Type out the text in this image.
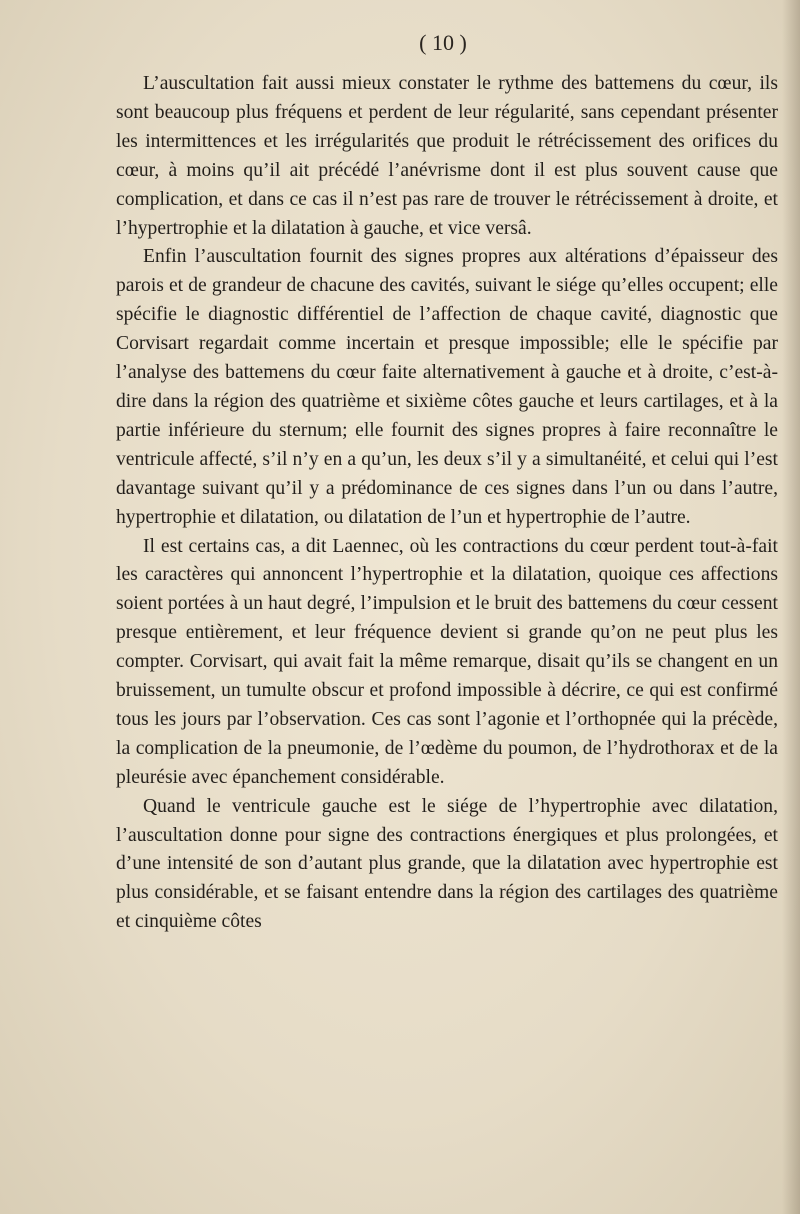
( 10 )

L’auscultation fait aussi mieux constater le rythme des battemens du cœur, ils sont beaucoup plus fréquens et perdent de leur régularité, sans cependant présenter les intermittences et les irrégularités que produit le rétrécissement des orifices du cœur, à moins qu’il ait précédé l’anévrisme dont il est plus souvent cause que complication, et dans ce cas il n’est pas rare de trouver le rétrécissement à droite, et l’hypertrophie et la dilatation à gauche, et vice versâ.

Enfin l’auscultation fournit des signes propres aux altérations d’épaisseur des parois et de grandeur de chacune des cavités, suivant le siége qu’elles occupent; elle spécifie le diagnostic différentiel de l’affection de chaque cavité, diagnostic que Corvisart regardait comme incertain et presque impossible; elle le spécifie par l’analyse des battemens du cœur faite alternativement à gauche et à droite, c’est-à-dire dans la région des quatrième et sixième côtes gauche et leurs cartilages, et à la partie inférieure du sternum; elle fournit des signes propres à faire reconnaître le ventricule affecté, s’il n’y en a qu’un, les deux s’il y a simultanéité, et celui qui l’est davantage suivant qu’il y a prédominance de ces signes dans l’un ou dans l’autre, hypertrophie et dilatation, ou dilatation de l’un et hypertrophie de l’autre.

Il est certains cas, a dit Laennec, où les contractions du cœur perdent tout-à-fait les caractères qui annoncent l’hypertrophie et la dilatation, quoique ces affections soient portées à un haut degré, l’impulsion et le bruit des battemens du cœur cessent presque entièrement, et leur fréquence devient si grande qu’on ne peut plus les compter. Corvisart, qui avait fait la même remarque, disait qu’ils se changent en un bruissement, un tumulte obscur et profond impossible à décrire, ce qui est confirmé tous les jours par l’observation. Ces cas sont l’agonie et l’orthopnée qui la précède, la complication de la pneumonie, de l’œdème du poumon, de l’hydrothorax et de la pleurésie avec épanchement considérable.

Quand le ventricule gauche est le siége de l’hypertrophie avec dilatation, l’auscultation donne pour signe des contractions énergiques et plus prolongées, et d’une intensité de son d’autant plus grande, que la dilatation avec hypertrophie est plus considérable, et se faisant entendre dans la région des cartilages des quatrième et cinquième côtes
